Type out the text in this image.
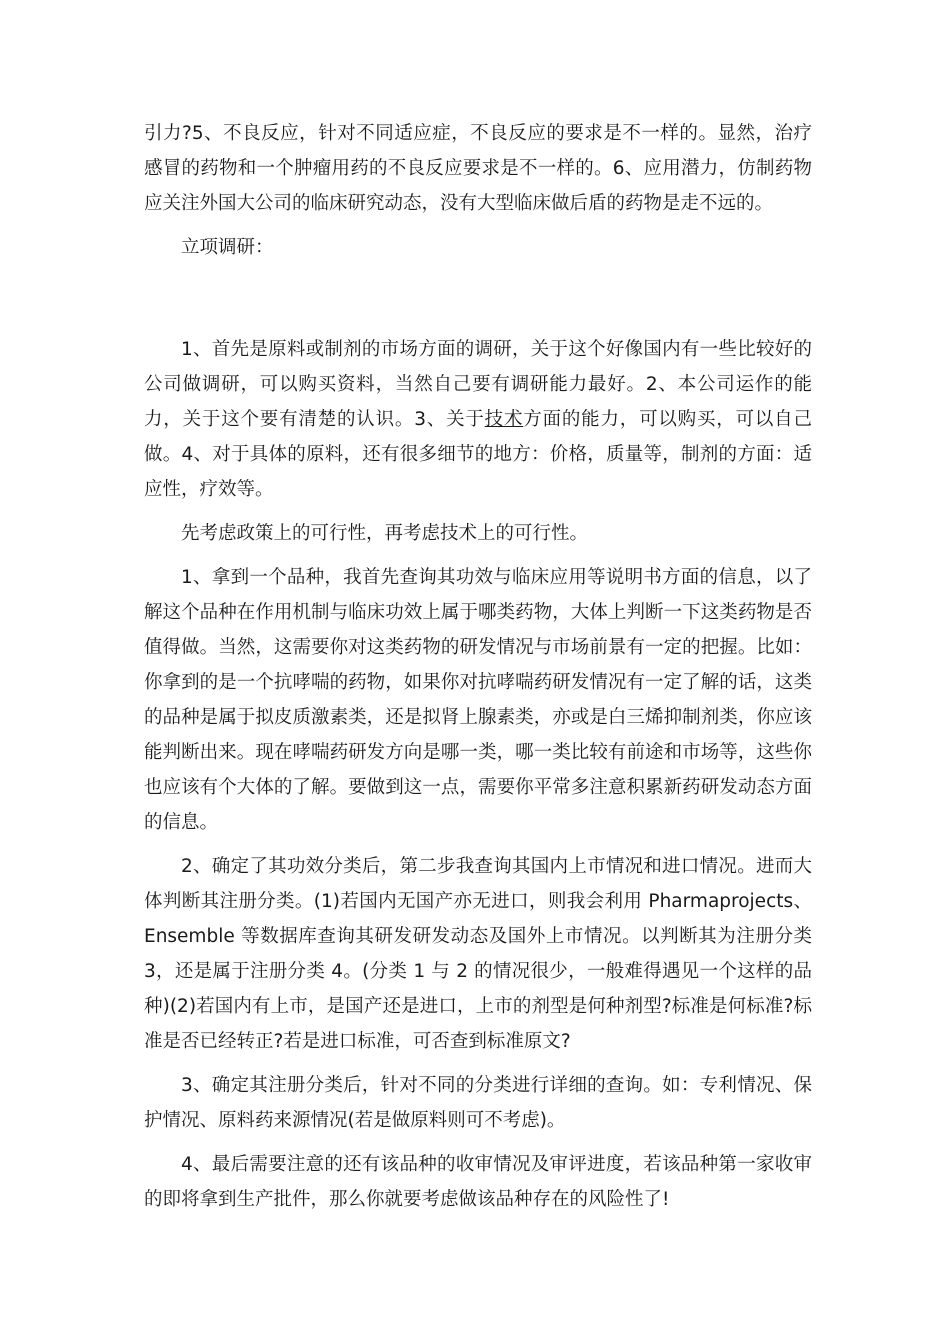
引力?5、不良反应，针对不同适应症，不良反应的要求是不一样的。显然，治疗感冒的药物和一个肿瘤用药的不良反应要求是不一样的。6、应用潜力，仿制药物应关注外国大公司的临床研究动态，没有大型临床做后盾的药物是走不远的。

立项调研：

1、首先是原料或制剂的市场方面的调研，关于这个好像国内有一些比较好的公司做调研，可以购买资料，当然自己要有调研能力最好。2、本公司运作的能力，关于这个要有清楚的认识。3、关于技术方面的能力，可以购买，可以自己做。4、对于具体的原料，还有很多细节的地方：价格，质量等，制剂的方面：适应性，疗效等。

先考虑政策上的可行性，再考虑技术上的可行性。

1、拿到一个品种，我首先查询其功效与临床应用等说明书方面的信息，以了解这个品种在作用机制与临床功效上属于哪类药物，大体上判断一下这类药物是否值得做。当然，这需要你对这类药物的研发情况与市场前景有一定的把握。比如：你拿到的是一个抗哮喘的药物，如果你对抗哮喘药研发情况有一定了解的话，这类的品种是属于拟皮质激素类，还是拟肾上腺素类，亦或是白三烯抑制剂类，你应该能判断出来。现在哮喘药研发方向是哪一类，哪一类比较有前途和市场等，这些你也应该有个大体的了解。要做到这一点，需要你平常多注意积累新药研发动态方面的信息。

2、确定了其功效分类后，第二步我查询其国内上市情况和进口情况。进而大体判断其注册分类。(1)若国内无国产亦无进口，则我会利用 Pharmaprojects、Ensemble 等数据库查询其研发研发动态及国外上市情况。以判断其为注册分类 3，还是属于注册分类 4。(分类 1 与 2 的情况很少，一般难得遇见一个这样的品种)(2)若国内有上市，是国产还是进口，上市的剂型是何种剂型?标准是何标准?标准是否已经转正?若是进口标准，可否查到标准原文?

3、确定其注册分类后，针对不同的分类进行详细的查询。如：专利情况、保护情况、原料药来源情况(若是做原料则可不考虑)。

4、最后需要注意的还有该品种的收审情况及审评进度，若该品种第一家收审的即将拿到生产批件，那么你就要考虑做该品种存在的风险性了!
